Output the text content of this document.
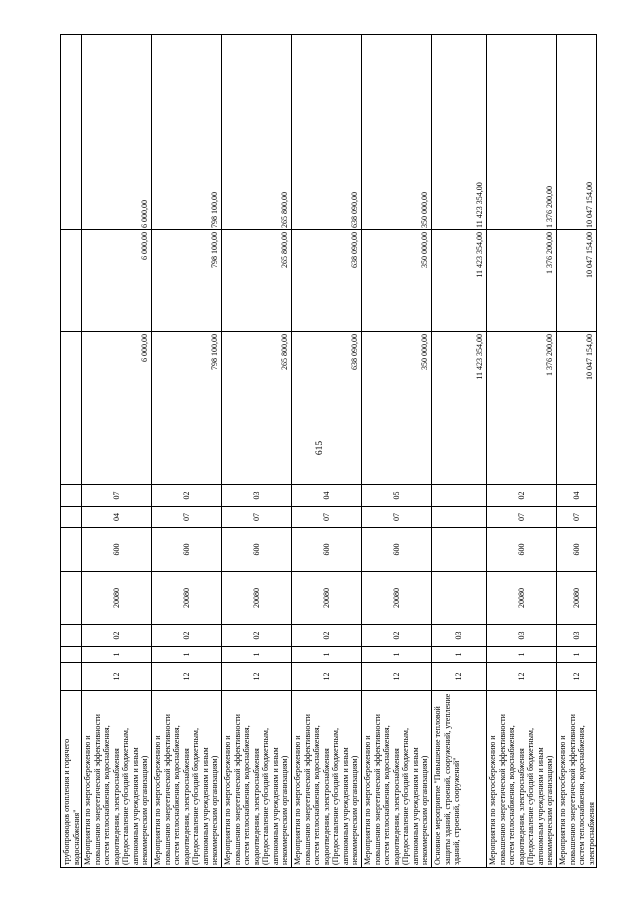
615
трубопроводов отопления и горячего водоснабжения"										
Мероприятия по энергосбережению и повышению энергетической эффективности систем теплоснабжения, водоснабжения, водоотведения, электроснабжения (Предоставление субсидий бюджетным, автономным учреждениям и иным некоммерческим организациям)	12	1	02	20080	600	04	07	6 000,00	6 000,00	6 000,00
Мероприятия по энергосбережению и повышению энергетической эффективности систем теплоснабжения, водоснабжения, водоотведения, электроснабжения (Предоставление субсидий бюджетным, автономным учреждениям и иным некоммерческим организациям)	12	1	02	20080	600	07	02	798 100,00	798 100,00	798 100,00
Мероприятия по энергосбережению и повышению энергетической эффективности систем теплоснабжения, водоснабжения, водоотведения, электроснабжения (Предоставление субсидий бюджетным, автономным учреждениям и иным некоммерческим организациям)	12	1	02	20080	600	07	03	265 800,00	265 800,00	265 800,00
Мероприятия по энергосбережению и повышению энергетической эффективности систем теплоснабжения, водоснабжения, водоотведения, электроснабжения (Предоставление субсидий бюджетным, автономным учреждениям и иным некоммерческим организациям)	12	1	02	20080	600	07	04	638 090,00	638 090,00	638 090,00
Мероприятия по энергосбережению и повышению энергетической эффективности систем теплоснабжения, водоснабжения, водоотведения, электроснабжения (Предоставление субсидий бюджетным, автономным учреждениям и иным некоммерческим организациям)	12	1	02	20080	600	07	05	350 000,00	350 000,00	350 000,00
Основное мероприятие "Повышение тепловой защиты зданий, строений, сооружений, утепление зданий, строений, сооружений"	12	1	03					11 423 354,00	11 423 354,00	11 423 354,00
Мероприятия по энергосбережению и повышению энергетической эффективности систем теплоснабжения, водоснабжения, водоотведения, электроснабжения (Предоставление субсидий бюджетным, автономным учреждениям и иным некоммерческим организациям)	12	1	03	20080	600	07	02	1 376 200,00	1 376 200,00	1 376 200,00
Мероприятия по энергосбережению и повышению энергетической эффективности систем теплоснабжения, водоснабжения, электроснабжения	12	1	03	20080	600	07	04	10 047 154,00	10 047 154,00	10 047 154,00
